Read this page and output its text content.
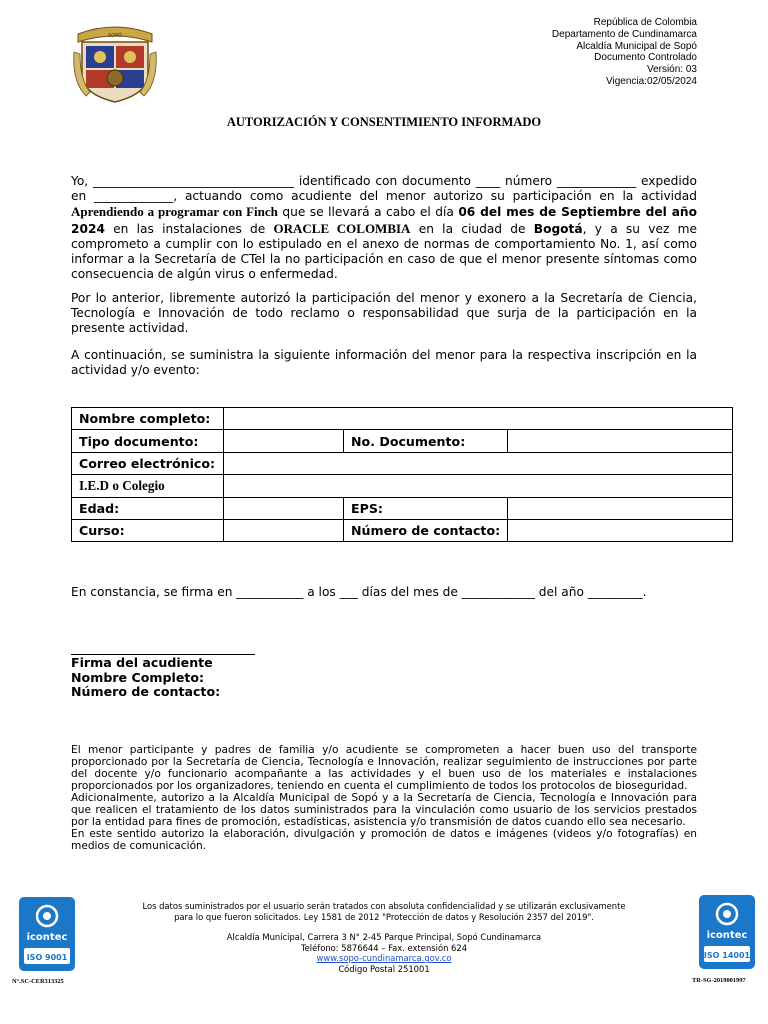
SOPÓ
República de Colombia
Departamento de Cundinamarca
Alcaldía Municipal de Sopó
Documento Controlado
Versión: 03
Vigencia:02/05/2024
AUTORIZACIÓN Y CONSENTIMIENTO INFORMADO

Yo, _________________________________ identificado con documento ____ número _____________ expedido en _____________, actuando como acudiente del menor autorizo su participación en la actividad Aprendiendo a programar con Finch que se llevará a cabo el día 06 del mes de Septiembre del año 2024 en las instalaciones de ORACLE COLOMBIA en la ciudad de Bogotá, y a su vez me comprometo a cumplir con lo estipulado en el anexo de normas de comportamiento No. 1, así como informar a la Secretaría de CTeI la no participación en caso de que el menor presente síntomas como consecuencia de algún virus o enfermedad.

Por lo anterior, libremente autorizó la participación del menor y exonero a la Secretaría de Ciencia, Tecnología e Innovación de todo reclamo o responsabilidad que surja de la participación en la presente actividad.

A continuación, se suministra la siguiente información del menor para la respectiva inscripción en la actividad y/o evento:

Nombre completo:			
Tipo documento:		No. Documento:	
Correo electrónico:			
I.E.D o Colegio			
Edad:		EPS:	
Curso:		Número de contacto:	
En constancia, se firma en ___________ a los ___ días del mes de ____________ del año _________.
Firma del acudiente
Nombre Completo:
Número de contacto:
El menor participante y padres de familia y/o acudiente se comprometen a hacer buen uso del transporte proporcionado por la Secretaría de Ciencia, Tecnología e Innovación, realizar seguimiento de instrucciones por parte del docente y/o funcionario acompañante a las actividades y el buen uso de los materiales e instalaciones proporcionados por los organizadores, teniendo en cuenta el cumplimiento de todos los protocolos de bioseguridad.
Adicionalmente, autorizo a la Alcaldía Municipal de Sopó y a la Secretaría de Ciencia, Tecnología e Innovación para que realicen el tratamiento de los datos suministrados para la vinculación como usuario de los servicios prestados por la entidad para fines de promoción, estadísticas, asistencia y/o transmisión de datos cuando ello sea necesario.
En este sentido autorizo la elaboración, divulgación y promoción de datos e imágenes (videos y/o fotografías) en medios de comunicación.
Los datos suministrados por el usuario serán tratados con absoluta confidencialidad y se utilizarán exclusivamente
para lo que fueron solicitados. Ley 1581 de 2012 "Protección de datos y Resolución 2357 del 2019".
Alcaldía Municipal, Carrera 3 N° 2-45 Parque Principal, Sopó Cundinamarca
Teléfono: 5876644 – Fax. extensión 624
www.sopo-cundinamarca.gov.co
Código Postal 251001
icontec
ISO 9001
N°.SC-CER313325
icontec
ISO 14001
TR-SG-2019001997
